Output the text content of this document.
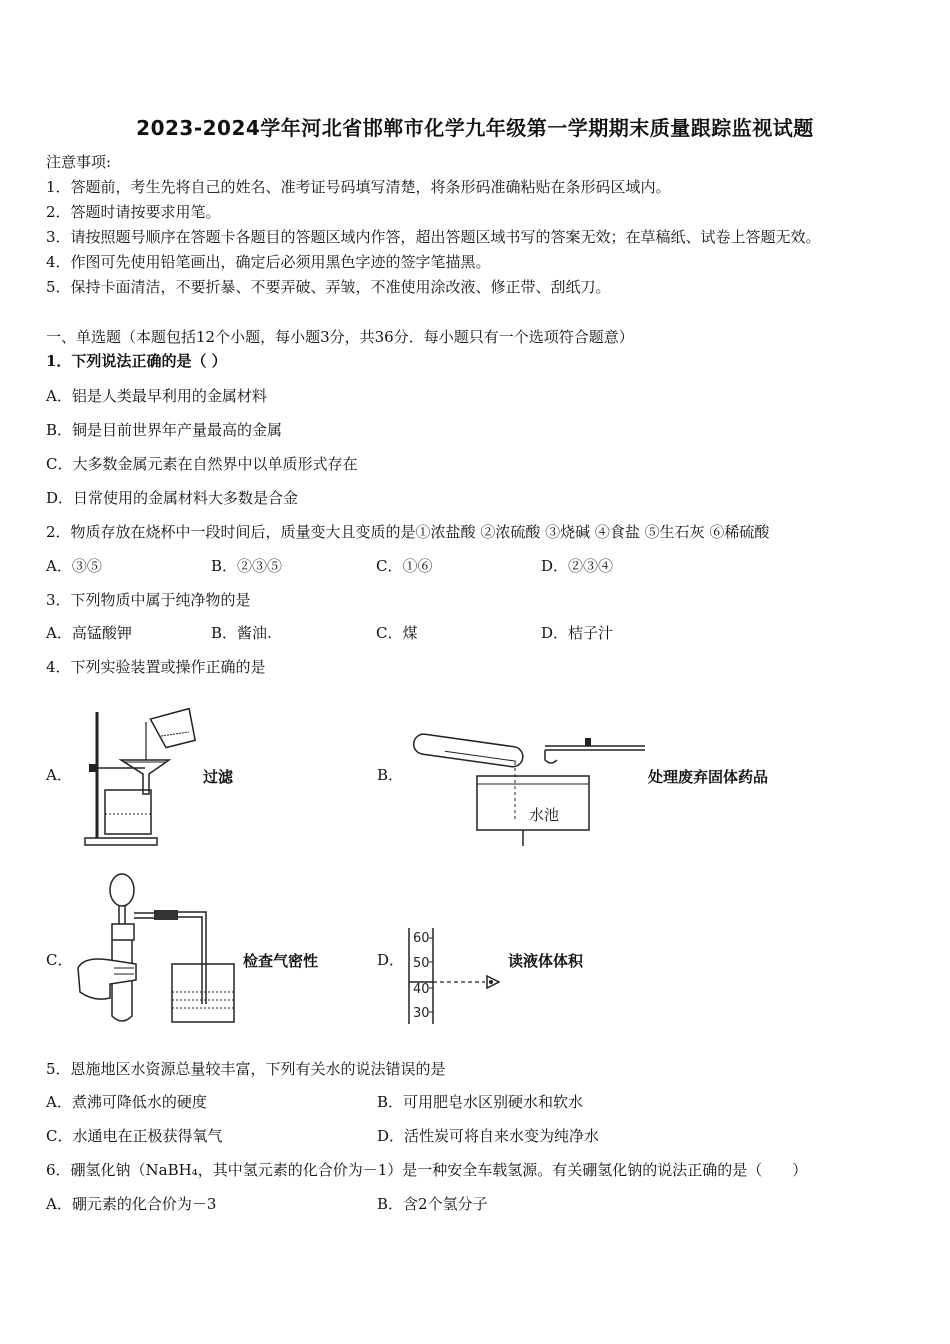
2023-2024学年河北省邯郸市化学九年级第一学期期末质量跟踪监视试题
注意事项:
1．答题前，考生先将自己的姓名、准考证号码填写清楚，将条形码准确粘贴在条形码区域内。
2．答题时请按要求用笔。
3．请按照题号顺序在答题卡各题目的答题区域内作答，超出答题区域书写的答案无效；在草稿纸、试卷上答题无效。
4．作图可先使用铅笔画出，确定后必须用黑色字迹的签字笔描黑。
5．保持卡面清洁，不要折暴、不要弄破、弄皱，不准使用涂改液、修正带、刮纸刀。
一、单选题（本题包括12个小题，每小题3分，共36分．每小题只有一个选项符合题意）
1．下列说法正确的是（ ）
A．铝是人类最早利用的金属材料
B．铜是目前世界年产量最高的金属
C．大多数金属元素在自然界中以单质形式存在
D．日常使用的金属材料大多数是合金
2．物质存放在烧杯中一段时间后，质量变大且变质的是①浓盐酸 ②浓硫酸 ③烧碱 ④食盐 ⑤生石灰 ⑥稀硫酸
A．③⑤	B．②③⑤	C．①⑥	D．②③④
3．下列物质中属于纯净物的是
A．高锰酸钾	B．酱油.	C．煤	D．桔子汁
4．下列实验装置或操作正确的是
A．	过滤	B．
水池
处理废弃固体药品
C．	检查气密性	D．
60
50
40
30
读液体体积
5．恩施地区水资源总量较丰富，下列有关水的说法错误的是
A．煮沸可降低水的硬度	B．可用肥皂水区别硬水和软水
C．水通电在正极获得氧气	D．活性炭可将自来水变为纯净水
6．硼氢化钠（NaBH₄，其中氢元素的化合价为－1）是一种安全车载氢源。有关硼氢化钠的说法正确的是（　　）
A．硼元素的化合价为－3	B．含2个氢分子
